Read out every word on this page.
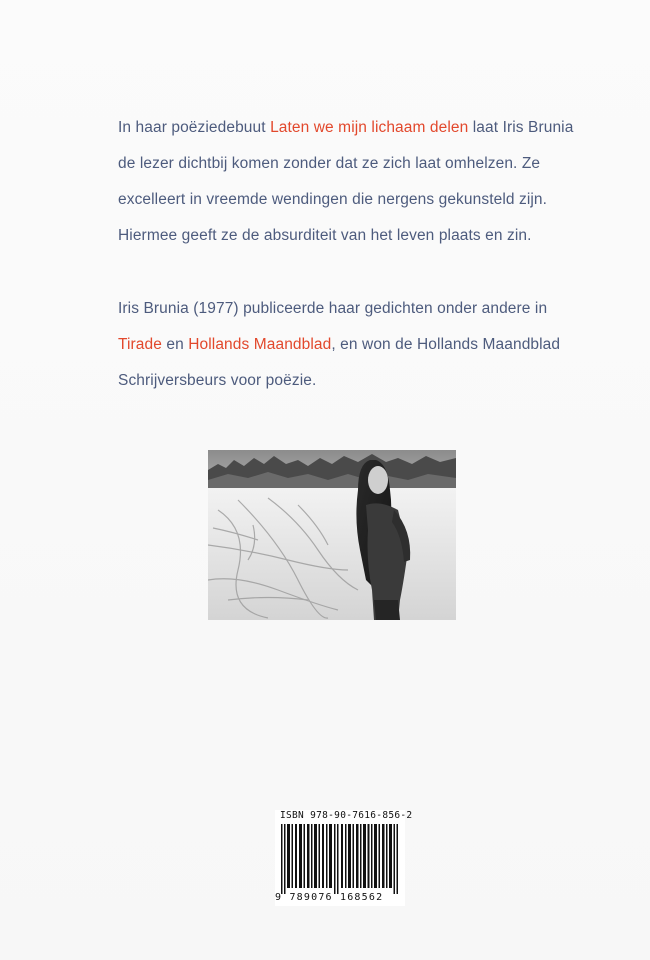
In haar poëziedebuut Laten we mijn lichaam delen laat Iris Brunia de lezer dichtbij komen zonder dat ze zich laat omhelzen. Ze excelleert in vreemde wendingen die nergens gekunsteld zijn. Hiermee geeft ze de absurditeit van het leven plaats en zin.
Iris Brunia (1977) publiceerde haar gedichten onder andere in Tirade en Hollands Maandblad, en won de Hollands Maandblad Schrijversbeurs voor poëzie.
ISBN 978-90-7616-856-2
9 789076 168562
